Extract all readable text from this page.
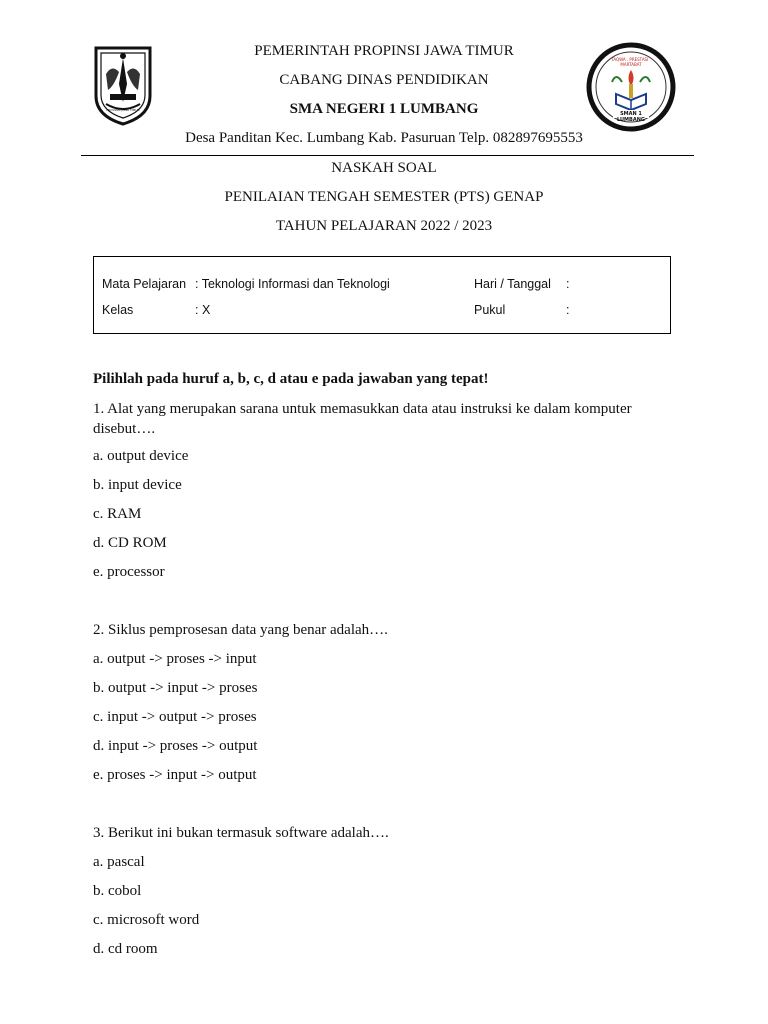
PROVINSI JAWA TIMUR
TAQWA . PRESTASI . MARTABAT
SMAN 1 LUMBANG
PEMERINTAH PROPINSI JAWA TIMUR
CABANG DINAS PENDIDIKAN
SMA NEGERI 1 LUMBANG
Desa Panditan Kec. Lumbang Kab. Pasuruan Telp. 082897695553
NASKAH SOAL
PENILAIAN TENGAH SEMESTER (PTS) GENAP
TAHUN PELAJARAN 2022 / 2023
Mata Pelajaran : Teknologi Informasi dan Teknologi
Kelas	: X
Hari / Tanggal :
Pukul	:
Pilihlah pada huruf a, b, c, d atau e pada jawaban yang tepat!
1. Alat yang merupakan sarana untuk memasukkan data atau instruksi ke dalam komputer disebut….
a. output device
b. input device
c. RAM
d. CD ROM
e. processor
2. Siklus pemprosesan data yang benar adalah….
a. output -> proses -> input
b. output -> input -> proses
c. input -> output -> proses
d. input -> proses -> output
e. proses -> input -> output
3. Berikut ini bukan termasuk software adalah….
a. pascal
b. cobol
c. microsoft word
d. cd room
